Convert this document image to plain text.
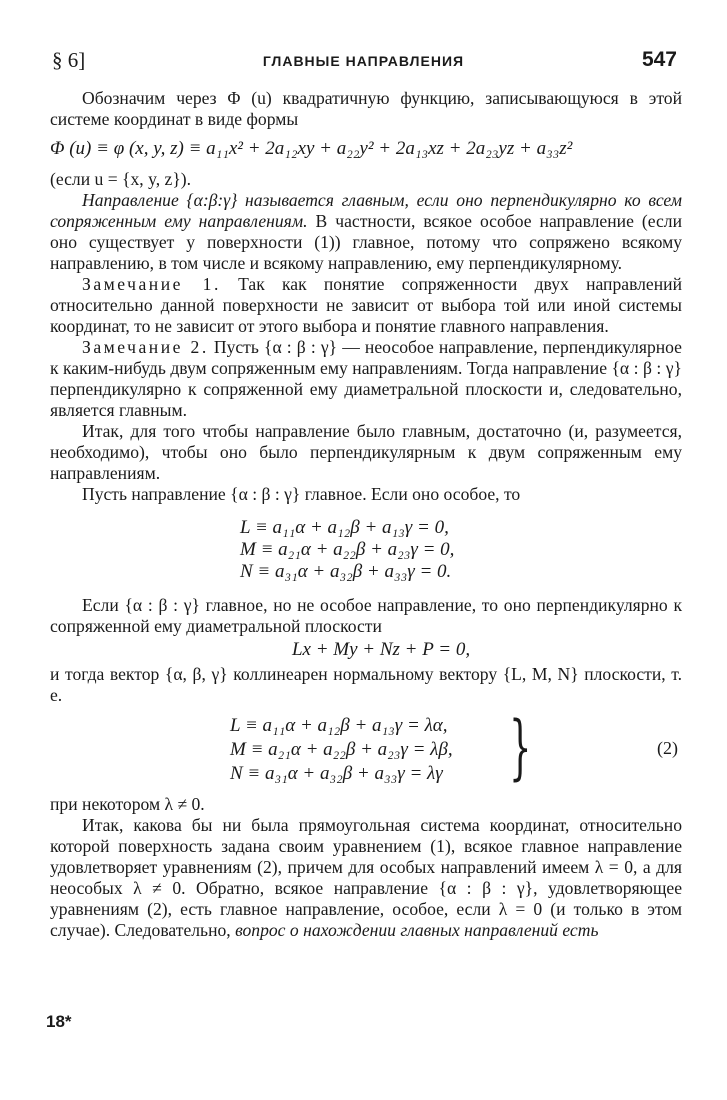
§ 6]	ГЛАВНЫЕ НАПРАВЛЕНИЯ	547

Обозначим через Φ (u) квадратичную функцию, записывающуюся в этой системе координат в виде формы

Φ (u) ≡ φ (x, y, z) ≡ a₁₁x² + 2a₁₂xy + a₂₂y² + 2a₁₃xz + 2a₂₃yz + a₃₃z²

(если u = {x, y, z}).

Направление {α:β:γ} называется главным, если оно перпендикулярно ко всем сопряженным ему направлениям. В частности, всякое особое направление (если оно существует у поверхности (1)) главное, потому что сопряжено всякому направлению, в том числе и всякому направлению, ему перпендикулярному.

Замечание 1. Так как понятие сопряженности двух направлений относительно данной поверхности не зависит от выбора той или иной системы координат, то не зависит от этого выбора и понятие главного направления.

Замечание 2. Пусть {α : β : γ} — неособое направление, перпендикулярное к каким-нибудь двум сопряженным ему направлениям. Тогда направление {α : β : γ} перпендикулярно к сопряженной ему диаметральной плоскости и, следовательно, является главным.

Итак, для того чтобы направление было главным, достаточно (и, разумеется, необходимо), чтобы оно было перпендикулярным к двум сопряженным ему направлениям.

Пусть направление {α : β : γ} главное. Если оно особое, то

L ≡ a₁₁α + a₁₂β + a₁₃γ = 0,
M ≡ a₂₁α + a₂₂β + a₂₃γ = 0,
N ≡ a₃₁α + a₃₂β + a₃₃γ = 0.

Если {α : β : γ} главное, но не особое направление, то оно перпендикулярно к сопряженной ему диаметральной плоскости

Lx + My + Nz + P = 0,

и тогда вектор {α, β, γ} коллинеарен нормальному вектору {L, M, N} плоскости, т. е.

L ≡ a₁₁α + a₁₂β + a₁₃γ = λα,
M ≡ a₂₁α + a₂₂β + a₂₃γ = λβ,
N ≡ a₃₁α + a₃₂β + a₃₃γ = λγ }	(2)

при некотором λ ≠ 0.

Итак, какова бы ни была прямоугольная система координат, относительно которой поверхность задана своим уравнением (1), всякое главное направление удовлетворяет уравнениям (2), причем для особых направлений имеем λ = 0, а для неособых λ ≠ 0. Обратно, всякое направление {α : β : γ}, удовлетворяющее уравнениям (2), есть главное направление, особое, если λ = 0 (и только в этом случае). Следовательно, вопрос о нахождении главных направлений есть

18*
